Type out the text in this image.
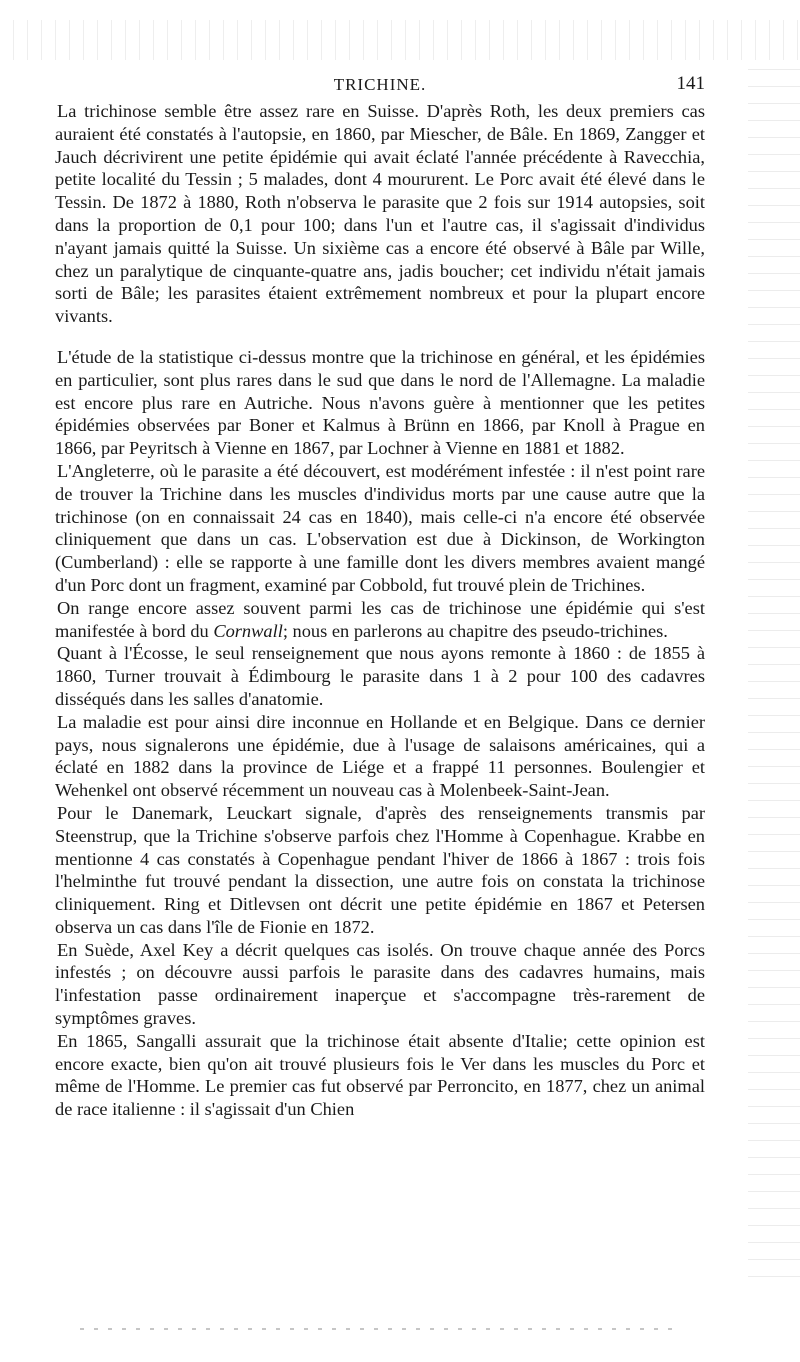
TRICHINE.	141

La trichinose semble être assez rare en Suisse. D'après Roth, les deux premiers cas auraient été constatés à l'autopsie, en 1860, par Miescher, de Bâle. En 1869, Zangger et Jauch décrivirent une petite épidémie qui avait éclaté l'année précédente à Ravecchia, petite localité du Tessin ; 5 malades, dont 4 moururent. Le Porc avait été élevé dans le Tessin. De 1872 à 1880, Roth n'observa le parasite que 2 fois sur 1914 autopsies, soit dans la proportion de 0,1 pour 100; dans l'un et l'autre cas, il s'agissait d'individus n'ayant jamais quitté la Suisse. Un sixième cas a encore été observé à Bâle par Wille, chez un paralytique de cinquante-quatre ans, jadis boucher; cet individu n'était jamais sorti de Bâle; les parasites étaient extrêmement nombreux et pour la plupart encore vivants.

L'étude de la statistique ci-dessus montre que la trichinose en général, et les épidémies en particulier, sont plus rares dans le sud que dans le nord de l'Allemagne. La maladie est encore plus rare en Autriche. Nous n'avons guère à mentionner que les petites épidémies observées par Boner et Kalmus à Brünn en 1866, par Knoll à Prague en 1866, par Peyritsch à Vienne en 1867, par Lochner à Vienne en 1881 et 1882.

L'Angleterre, où le parasite a été découvert, est modérément infestée : il n'est point rare de trouver la Trichine dans les muscles d'individus morts par une cause autre que la trichinose (on en connaissait 24 cas en 1840), mais celle-ci n'a encore été observée cliniquement que dans un cas. L'observation est due à Dickinson, de Workington (Cumberland) : elle se rapporte à une famille dont les divers membres avaient mangé d'un Porc dont un fragment, examiné par Cobbold, fut trouvé plein de Trichines.

On range encore assez souvent parmi les cas de trichinose une épidémie qui s'est manifestée à bord du Cornwall; nous en parlerons au chapitre des pseudo-trichines.

Quant à l'Écosse, le seul renseignement que nous ayons remonte à 1860 : de 1855 à 1860, Turner trouvait à Édimbourg le parasite dans 1 à 2 pour 100 des cadavres disséqués dans les salles d'anatomie.

La maladie est pour ainsi dire inconnue en Hollande et en Belgique. Dans ce dernier pays, nous signalerons une épidémie, due à l'usage de salaisons américaines, qui a éclaté en 1882 dans la province de Liége et a frappé 11 personnes. Boulengier et Wehenkel ont observé récemment un nouveau cas à Molenbeek-Saint-Jean.

Pour le Danemark, Leuckart signale, d'après des renseignements transmis par Steenstrup, que la Trichine s'observe parfois chez l'Homme à Copenhague. Krabbe en mentionne 4 cas constatés à Copenhague pendant l'hiver de 1866 à 1867 : trois fois l'helminthe fut trouvé pendant la dissection, une autre fois on constata la trichinose cliniquement. Ring et Ditlevsen ont décrit une petite épidémie en 1867 et Petersen observa un cas dans l'île de Fionie en 1872.

En Suède, Axel Key a décrit quelques cas isolés. On trouve chaque année des Porcs infestés ; on découvre aussi parfois le parasite dans des cadavres humains, mais l'infestation passe ordinairement inaperçue et s'accompagne très-rarement de symptômes graves.

En 1865, Sangalli assurait que la trichinose était absente d'Italie; cette opinion est encore exacte, bien qu'on ait trouvé plusieurs fois le Ver dans les muscles du Porc et même de l'Homme. Le premier cas fut observé par Perroncito, en 1877, chez un animal de race italienne : il s'agissait d'un Chien
